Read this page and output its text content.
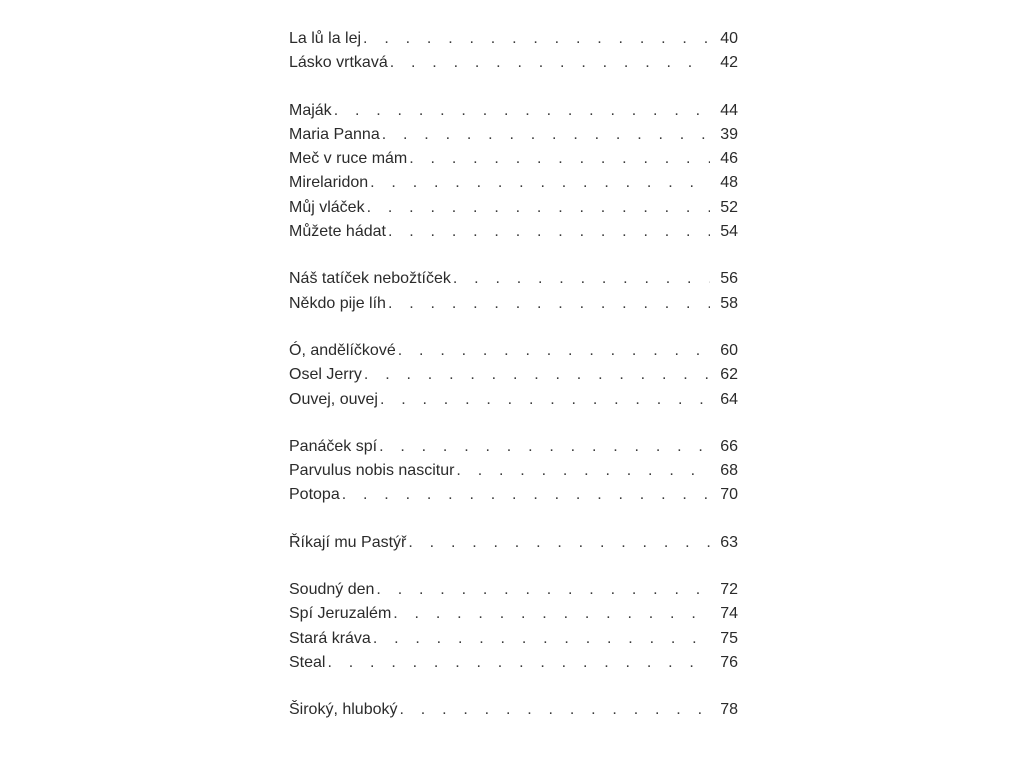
La lů la lej . . .	40
Lásko vrtkavá . . .	42
Maják . . .	44
Maria Panna . . .	39
Meč v ruce mám . . .	46
Mirelaridon . . .	48
Můj vláček . . .	52
Můžete hádat . . .	54
Náš tatíček nebožtíček . . .	56
Někdo pije líh . . .	58
Ó, andělíčkové . . .	60
Osel Jerry . . .	62
Ouvej, ouvej . . .	64
Panáček spí . . .	66
Parvulus nobis nascitur . . .	68
Potopa . . .	70
Říkají mu Pastýř . . .	63
Soudný den . . .	72
Spí Jeruzalém . . .	74
Stará kráva . . .	75
Steal . . .	76
Široký, hluboký . . .	78
